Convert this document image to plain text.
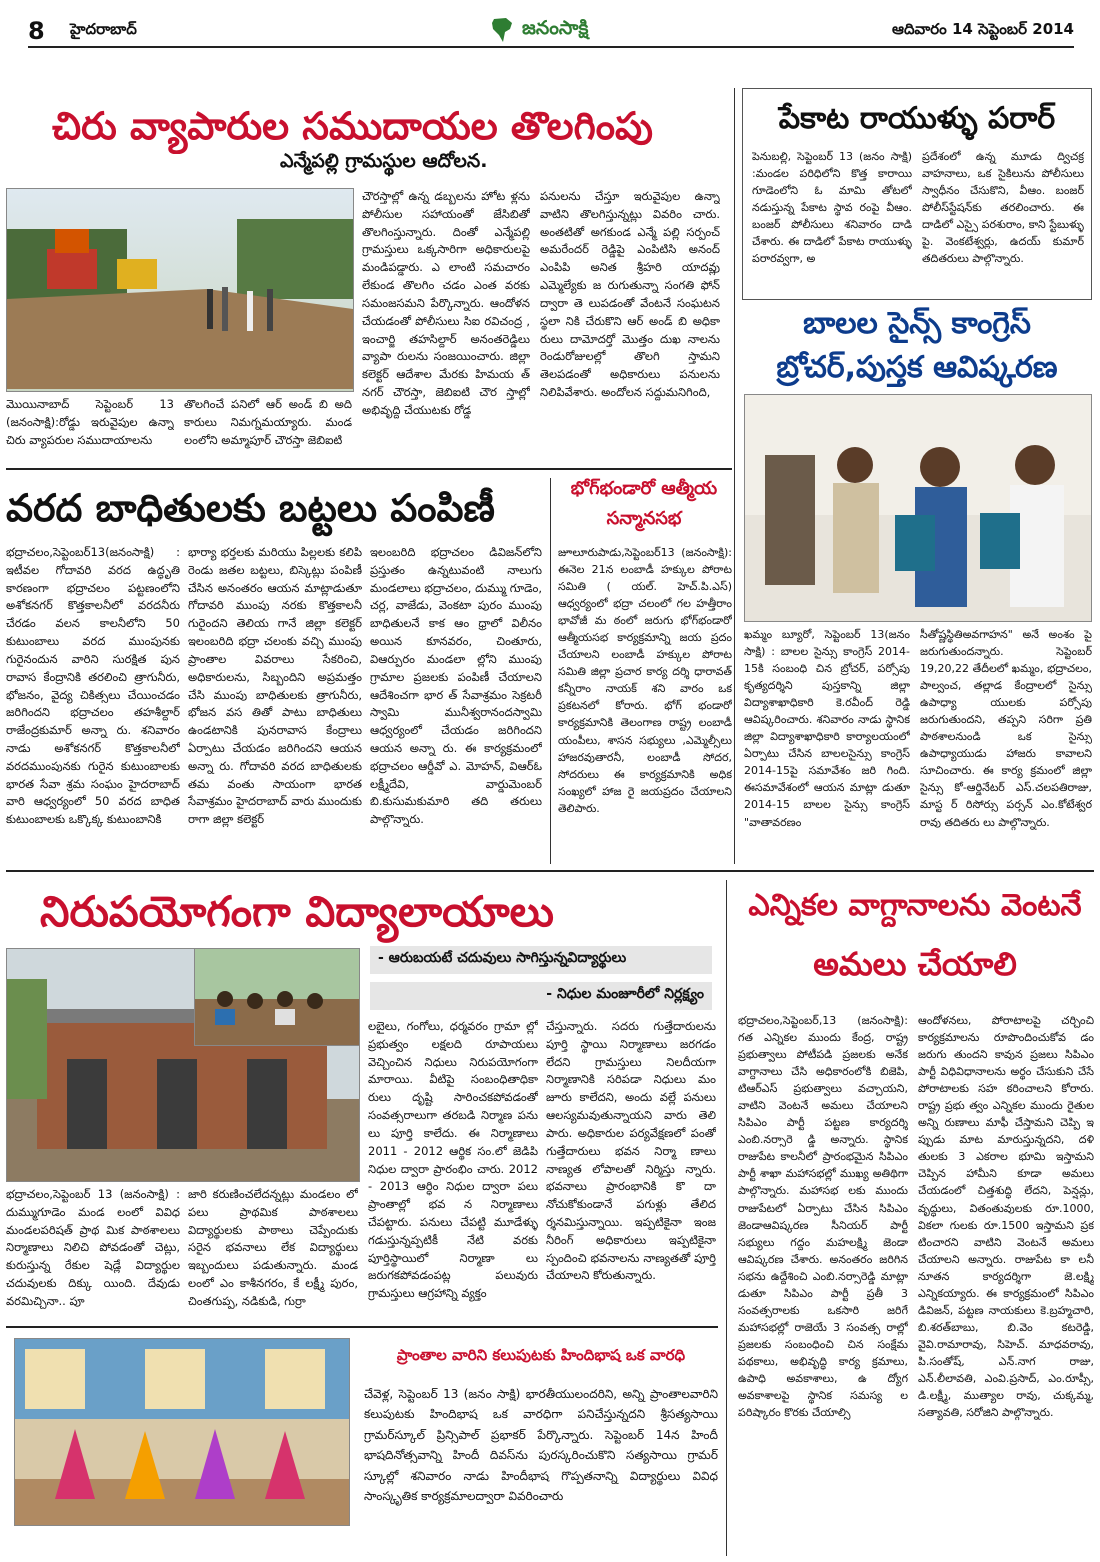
8	హైదరాబాద్	జనంసాక్షి	ఆదివారం 14 సెప్టెంబర్ 2014
చిరు వ్యాపారుల సముదాయల తొలగింపు
ఎన్మేపల్లి గ్రామస్థుల ఆదోలన.
మొయినాబాద్ సెప్టెంబర్ 13 (జనంసాక్షి):రోడ్డు ఇరువైపుల ఉన్నా చిరు వ్యాపరుల సముదాయాలను
తొలగించే పనిలో ఆర్ అండ్ బి అది కారులు నిమగ్నమయ్యారు. మండ లంలోని అమ్మాపూర్ చౌరస్తా జెబిఐటి
చౌరస్తాల్లో ఉన్న డబ్బలను హోట ళ్లను పోలీసుల సహాయంతో జేసిబితో తొలగింస్తున్నారు. దింతో ఎన్మేపల్లి గ్రామస్తులు ఒక్కసారిగా అధికారులపై మండిపడ్డారు. ఎ లాంటి సమచారం లేకుండ తొలగిం చడం ఎంత వరకు సమంజసమని పేర్కొన్నారు. ఆందోళన చేయడంతో పోలీసులు సిఐ రవిచంద్ర , ఇంచార్జి తహసిల్దార్ అనంతరెడ్డిలు వ్యాపా రులను సంజయించారు. జిల్లా కలెక్టర్ ఆదేశాల మేరకు హిమయ త్ నగర్ చౌరస్తా, జెబిఐటి చౌర స్తాల్లో అభివృద్ది చేయుటకు రోడ్డ
పనులను చేస్తూ ఇరువైపుల ఉన్నా వాటిని తొలగిస్తున్నట్లు వివరిం చారు. అంతటితో అగకుండ ఎన్మే పల్లి సర్పంచ్ అమరేందర్ రెడ్డిపై ఎంపిటిసి అనంద్ ఎంపిపి అనిత శ్రీహరి యాదవ్లు ఎమ్మెల్యేకు జ రుగుతున్నా సంగతి ఫోన్ ద్వారా తె లుపడంతో వేంటనే సంఘటన స్థలా నికి చేరుకొని ఆర్ అండ్ బి అధికా రులు దామోదర్తో మొత్తం దుఖ నాలను రెండురోజులల్లో తొలగి స్తామని తెలపడంతో అధికారులు పనులను నిలిపివేశారు. అందోలన సద్దుమనిగింది,
పేకాట రాయుళ్ళు పరార్
పెనుబల్లి, సెప్టెంబర్ 13 (జనం సాక్షి) :మండల పరిధిలోని కొత్త కారాయి గూడెంలోని ఓ మామి తోటలో నడుస్తున్న పేకాట స్థావ రంపై వీఆం. బంజర్ పోలీసులు శనివారం దాడి చేశారు. ఈ దాడిలో పేకాట రాయుళ్ళు పరారవ్వగా, అ
ప్రదేశంలో ఉన్న మూడు ద్విచక్ర వాహనాలు, ఒక సైకిలును పోలీసులు స్వాధీనం చేసుకొని, వీఆం. బంజర్ పోలీస్‌స్టేషన్‌కు తరలించారు. ఈ దాడిలో ఎస్సై పరశురాం, కాని స్టేబుళ్ళు పై. వెంకటేశ్వర్లు, ఉదయ్ కుమార్ తదితరులు పాల్గొన్నారు.
బాలల సైన్స్ కాంగ్రెస్
బ్రోచర్,పుస్తక ఆవిష్కరణ
ఖమ్మం బ్యూరో, సెప్టెంబర్ 13(జనం సాక్షి) : బాలల సైన్సు కాంగ్రెస్ 2014-15కి సంబంధి చిన బ్రోచర్, పర్సోపు కృత్యదర్శిని పుస్తకాన్ని జిల్లా విద్యాశాఖాధికారి కె.రవీంద్ రెడ్డి ఆవిష్కరించారు. శనివారం నాడు స్థానిక జిల్లా విద్యాశాఖాధికారి కార్యాలయంలో ఏర్పాటు చేసిన బాలలసైన్సు కాంగ్రెస్ 2014-15పై సమావేశం జరి గింది. ఈసమావేశంలో ఆయన మాట్లా డుతూ 2014-15 బాలల సైన్సు కాంగ్రెస్ "వాతావరణం
సీతోష్ణస్థితిఅవగాహన" అనే అంశం పై జరుగుతుందన్నారు. సెప్టెంబర్ 19,20,22 తేదీలలో ఖమ్మం, భద్రాచలం, పాల్వంచ, తల్లాడ కేంద్రాలలో సైన్సు ఉపాధ్యా యులకు పర్సోపు జరుగుతుందని, తప్పని సరిగా ప్రతి పాఠశాలనుండి ఒక సైన్సు ఉపాధ్యాయుడు హాజరు కావాలని సూచించారు. ఈ కార్య క్రమంలో జిల్లా సైన్సు కో-ఆర్డినేటర్ ఎస్.చలపతిరాజు, మాస్ట ర్ రిసోర్సు పర్సన్ ఎం.కోటేశ్వర రావు తదితరు లు పాల్గొన్నారు.
వరద బాధితులకు బట్టలు పంపిణీ
భద్రాచలం,సెప్టెంబర్13(జనంసాక్షి) : ఇటీవల గోదావరి వరద ఉద్ధృతి కారణంగా భద్రాచలం పట్టణంలోని అశోకనగర్ కొత్తకాలనీలో వరదనీరు చేరడం వలన కాలనీలోని 50 కుటుంబాలు వరద ముంపునకు గురైనందున వారిని సురక్షిత పున రావాస కేంద్రానికి తరలించి త్రాగునీరు, భోజనం, వైద్య చికిత్సలు చేయించడం జరిగిందని భద్రాచలం తహశీల్దార్ రాజేంద్రకుమార్ అన్నా రు. శనివారం నాడు అశోకనగర్ కొత్తకాలనీలో వరదముంపునకు గురైన కుటుంబాలకు భారత సేవా శ్రమ సంఘం హైదరాబాద్ వారి ఆధ్వర్యంలో 50 వరద బాధిత కుటుంబాలకు ఒక్కొక్క కుటుంబానికి
భార్యా భర్తలకు మరియు పిల్లలకు కలిపి రెండు జతల బట్టలు, బిస్కెట్లు పంపిణీ చేసిన అనంతరం ఆయన మాట్లాడుతూ గోదావరి ముంపు నరకు కొత్తకాలనీ గురైందని తెలియ గానే జిల్లా కలెక్టర్ ఇలంబరిది భద్రా చలంకు వచ్చి ముంపు ప్రాంతాల వివరాలు సేకరించి, అధికారులను, సిబ్బందిని అప్రమత్తం చేసి ముంపు బాధితులకు త్రాగునీరు, భోజన వస తితో పాటు బాధితులు ఉండటానికి పునరావాస కేంద్రాలు ఏర్పాటు చేయడం జరిగిందని ఆయన అన్నా రు. గోదావరి వరద బాధితులకు తమ వంతు సాయంగా భారత సేవాశ్రమం హైదరాబాద్ వారు ముందుకు రాగా జిల్లా కలెక్టర్
ఇలంబరిది భద్రాచలం డివిజన్‌లోని ప్రస్తుతం ఉన్నటువంటి నాలుగు మండలాలు భద్రాచలం, దుమ్ము గూడెం, చర్ల, వాజేడు, వెంకటా పురం ముంపు బాధితులనే కాక ఆం ధ్రాలో విలీనం అయిన కూనవరం, చింతూరు, విఆర్పురం మండలా ల్లోని ముంపు గ్రామాల ప్రజలకు పంపిణీ చేయాలని ఆదేశించగా భార త్ సేవాశ్రమం సెక్రటరీ స్వామి మునీశ్వరానందస్వామి ఆధ్వర్యంలో చేయడం జరిగిందని ఆయన అన్నా రు. ఈ కార్యక్రమంలో భద్రాచలం ఆర్డీవో ఎ. మోహన్, విఆర్ఓ లక్ష్మీదేవి, వార్డుమెంబర్ బి.కుసుమకుమారి తది తరులు పాల్గొన్నారు.
భోగ్‌భండారో ఆత్మీయ
సన్మానసభ
జూలూరుపాడు,సెప్టెంబర్13 (జనంసాక్షి): ఈనెల 21న లంబాడీ హక్కుల పోరాట సమితి ( యల్. హెచ్.పి.ఎస్) ఆధ్వర్యంలో భద్రా చలంలో గల హత్తీరాం భావోజీ మ ఠంలో జరుగు భోగ్‌భండారో ఆత్మీయసభ కార్యక్రమాన్ని జయ ప్రదం చేయాలని లంబాడీ హక్కుల పోరాట సమితి జిల్లా ప్రచార కార్య దర్శి ధారావత్ కన్నీరాం నాయక్ శని వారం ఒక ప్రకటనలో కోరారు. భోగ్ భండారో కార్యక్రమానికి తెలంగాణ రాష్ట్ర లంబాడీ యంపీలు, శాసన సభ్యులు ,ఎమ్మెల్సీలు హాజరవుతారనీ, లంబాడీ సోదర, సోదరులు ఈ కార్యక్రమానికి అధిక సంఖ్యలో హాజ రై జయప్రదం చేయాలని తెలిపారు.
నిరుపయోగంగా విద్యాలాయాలు
- ఆరుబయటే చదువులు సాగిస్తున్నవిద్యార్థులు
- నిధుల మంజూరీలో నిర్లక్ష్యం
భద్రాచలం,సెప్టెంబర్ 13 (జనంసాక్షి) : దుమ్ముగూడెం మండ లంలో వివిధ మండలపరిషత్ ప్రాథ మిక పాఠశాలలు నిర్మాణాలు నిలిచి పోవడంతో చెట్లు, కురుస్తున్న రేకుల షెడ్లే విద్యార్థుల చదువులకు దిక్కు యింది. దేవుడు వరమిచ్చినా.. పూ
జారి కరుణించలేదన్నట్లు మండలం లో పలు ప్రాథమిక పాఠశాలలు విద్యార్థులకు పాఠాలు చెప్పేందుకు సరైన భవనాలు లేక విద్యార్థులు ఇబ్బందులు పడుతున్నారు. మండ లంలో ఎం కాశీనగరం, కే లక్ష్మీ పురం, చింతగుప్ప, నడికుడి, గుర్రా
లబైలు, గంగోలు, ధర్మవరం గ్రామా ల్లో ప్రభుత్వం లక్షలది రూపాయలు వెచ్చించిన నిధులు నిరుపయోగంగా మారాయి. వీటిపై సంబంధితాధికా రులు దృష్టి సారించకపోవడంతో సంవత్సరాలుగా తరబడి నిర్మాణ పను లు పూర్తి కాలేదు. ఈ నిర్మాణాలు 2011 - 2012 ఆర్థిక సం.లో జెడిపి నిధుల ద్వారా ప్రారంభిం చారు. 2012 - 2013 ఆర్ధిం నిధుల ద్వారా పలు ప్రాంతాల్లో భవ న నిర్మాణాలు చేపట్టారు. పనులు చేపట్టి మూడేళ్ళు గడుస్తున్నప్పటికీ నేటి వరకు పూర్తిస్థాయిలో నిర్మాణా లు జరుగకపోవడంపట్ల పలువురు గ్రామస్తులు ఆగ్రహాన్ని వ్యక్తం
చేస్తున్నారు. సదరు గుత్తేదారులను పూర్తి స్థాయి నిర్మాణాలు జరగడం లేదని గ్రామస్తులు నిలదీయగా నిర్మాణానికి సరిపడా నిధులు మం జూరు కాలేదని, అందు వల్లే పనులు ఆలస్యమవుతున్నాయని వారు తెలి పారు. అధికారుల పర్యవేక్షణలో పంతో గుత్తేదారులు భవన నిర్మా ణాలు నాణ్యత లోపాలతో నిర్మిస్తు న్నారు. భవనాలు ప్రారంభానికి కొ దా నోచుకోకుండానే పగుళ్లు తేలిద ర్శనమిస్తున్నాయి. ఇప్పటికైనా ఇంజ నీరింగ్ అధికారులు ఇప్పటికైనా స్పందించి భవనాలను నాణ్యతతో పూర్తి చేయాలని కోరుతున్నారు.
ఎన్నికల వాగ్దానాలను వెంటనే
అమలు చేయాలి
భద్రాచలం,సెప్టెంబర్,13 (జనంసాక్షి): గత ఎన్నికల ముందు కేంద్ర, రాష్ట్ర ప్రభుత్వాలు పోటీపడి ప్రజలకు అనేక వాగ్దానాలు చేసి అధికారంలోకి బిజెపి, టిఆర్ఎస్ ప్రభుత్వాలు వచ్చాయని, వాటిని వెంటనే అమలు చేయాలని సిపిఎం పార్టీ పట్టణ కార్యదర్శి ఎంబి.నర్సారె డ్డి అన్నారు. స్థానిక రాజుపేట కాలనీలో ప్రారంభమైన సిపిఎం పార్టీ శాఖా మహాసభల్లో ముఖ్య అతిథిగా పాల్గొన్నారు. మహాసభ లకు ముందు రాజుపేటలో ఏర్పాటు చేసిన సిపిఎం జెండాఆవిష్కరణ సీనియర్ పార్టీ సభ్యులు గద్దం మహలక్ష్మి జెండా ఆవిష్కరణ చేశారు. అనంతరం జరిగిన సభను ఉద్దేశించి ఎంబి.నర్సారెడ్డి మాట్లా డుతూ సిపిఎం పార్టీ ప్రతీ 3 సంవత్సరాలకు ఒకసారి జరిగే మహాసభల్లో రాజెయే 3 సంవత్స రాల్లో ప్రజలకు సంబంధించి చిన సంక్షేమ పథకాలు, అభివృద్ధి కార్య క్రమాలు, ఉపాధి అవకాశాలు, ఉ ద్యోగ అవకాశాలపై స్థానిక సమస్య ల పరిష్కారం కొరకు చేయాల్సి
ఆందోళనలు, పోరాటాలపై చర్చించి కార్యక్రమాలను రూపొందించుకోవ డం జరుగు తుందని కావున ప్రజలు సిపిఎం పార్టీ విధివిధానాలను అర్థం చేసుకుని చేసే పోరాటాలకు సహ కరించాలని కోరారు. రాష్ట్ర ప్రభు త్వం ఎన్నికల ముందు రైతుల అన్ని రుణాలు మాఫీ చేస్తామని చెప్పి ఇ ప్పుడు మాట మారుస్తున్నదని, దళి తులకు 3 ఎకరాల భూమి ఇస్తామని చెప్పిన హామీని కూడా అమలు చేయడంలో చిత్తశుద్ధి లేదని, పెన్షన్లు, వృద్ధులు, వితంతువులకు రూ.1000, వికలా గులకు రూ.1500 ఇస్తామని ప్రక టించారని వాటిని వెంటనే అమలు చేయాలని అన్నారు. రాజుపేట కా లనీ నూతన కార్యదర్శిగా జె.లక్ష్మి ఎన్నికయ్యారు. ఈ కార్యక్రమంలో సిపిఎం డివిజన్, పట్టణ నాయకులు కె.బ్రహ్మచారి, బి.శరత్‌బాబు, బి.వెం కటరెడ్డి, వైవి.రామారావు, సిహెచ్. మాధవరావు, పి.సంతోష్, ఎన్.నాగ రాజు, ఎన్.లీలావతి, ఎంవి.ప్రసాద్, ఎం.రూప్సీ, డి.లక్ష్మీ, ముత్యాల రావు, చుక్కమ్మ, సత్యావతి, సరోజిని పాల్గొన్నారు.
ప్రాంతాల వారిని కలుపుటకు హిందిభాష ఒక వారధి
చేవెళ్ల, సెప్టెంబర్ 13 (జనం సాక్షి) భారతీయులందరిని, అన్ని ప్రాంతాలవారిని కలుపుటకు హిందిభాష ఒక వారధిగా పనిచేస్తున్నదని శ్రీసత్యసాయి గ్రామర్‌స్కూల్ ప్రిన్సిపాల్ ప్రభాకర్ పేర్కొన్నారు. సెప్టెంబర్ 14న హిందీ భాషదినోత్సవాన్ని హిందీ దివస్‌ను పురస్కరించుకొని సత్యసాయి గ్రామర్ స్కూల్లో శనివారం నాడు హిందీభాష గొప్పతనాన్ని విద్యార్థులు వివిధ సాంస్కృతిక కార్యక్రమాలద్వారా వివరించారు
